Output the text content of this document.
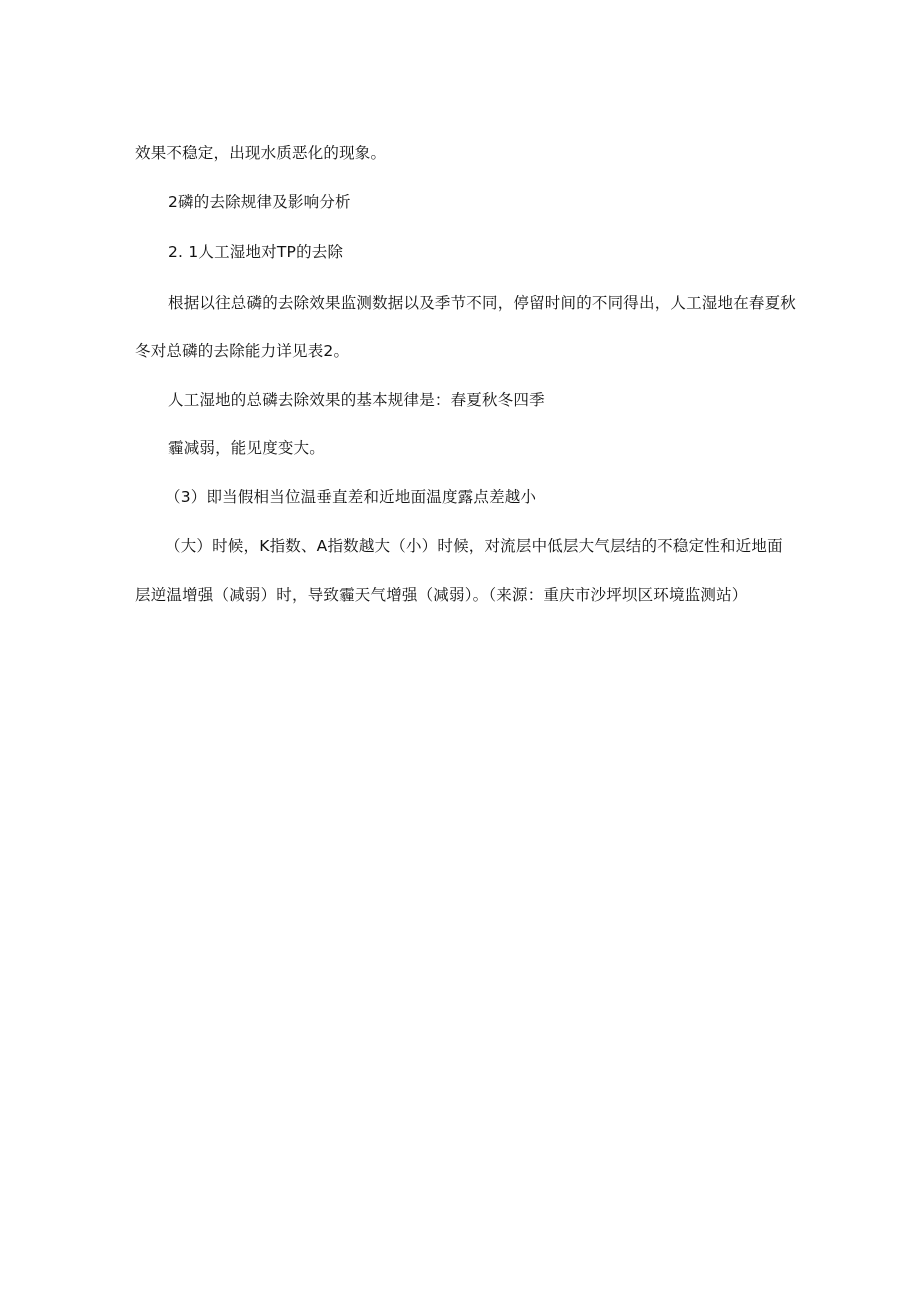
效果不稳定，出现水质恶化的现象。
2磷的去除规律及影响分析
2. 1人工湿地对TP的去除
根据以往总磷的去除效果监测数据以及季节不同，停留时间的不同得出，人工湿地在春夏秋
冬对总磷的去除能力详见表2。
人工湿地的总磷去除效果的基本规律是：春夏秋冬四季
霾减弱，能见度变大。
（3）即当假相当位温垂直差和近地面温度露点差越小
（大）时候，K指数、A指数越大（小）时候，对流层中低层大气层结的不稳定性和近地面
层逆温增强（减弱）时，导致霾天气增强（减弱）。（来源：重庆市沙坪坝区环境监测站）
